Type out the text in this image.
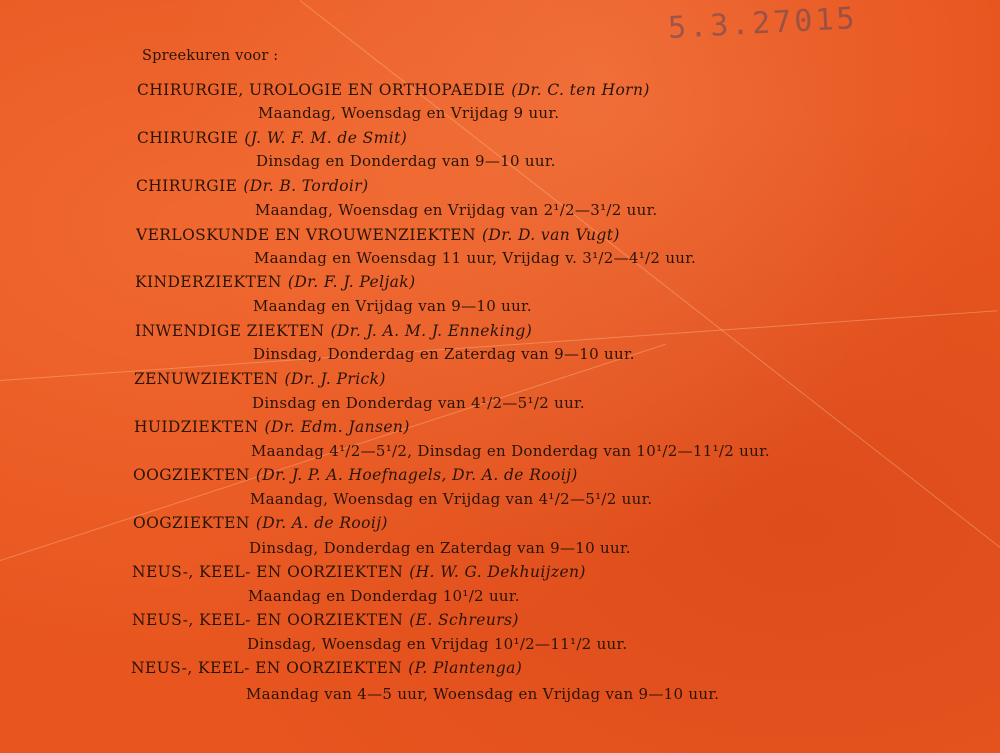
5.3.27015
Spreekuren voor :
CHIRURGIE, UROLOGIE EN ORTHOPAEDIE (Dr. C. ten Horn)
Maandag, Woensdag en Vrijdag 9 uur.
CHIRURGIE (J. W. F. M. de Smit)
Dinsdag en Donderdag van 9—10 uur.
CHIRURGIE (Dr. B. Tordoir)
Maandag, Woensdag en Vrijdag van 2¹/2—3¹/2 uur.
VERLOSKUNDE EN VROUWENZIEKTEN (Dr. D. van Vugt)
Maandag en Woensdag 11 uur, Vrijdag v. 3¹/2—4¹/2 uur.
KINDERZIEKTEN (Dr. F. J. Peljak)
Maandag en Vrijdag van 9—10 uur.
INWENDIGE ZIEKTEN (Dr. J. A. M. J. Enneking)
Dinsdag, Donderdag en Zaterdag van 9—10 uur.
ZENUWZIEKTEN (Dr. J. Prick)
Dinsdag en Donderdag van 4¹/2—5¹/2 uur.
HUIDZIEKTEN (Dr. Edm. Jansen)
Maandag 4¹/2—5¹/2, Dinsdag en Donderdag van 10¹/2—11¹/2 uur.
OOGZIEKTEN (Dr. J. P. A. Hoefnagels, Dr. A. de Rooij)
Maandag, Woensdag en Vrijdag van 4¹/2—5¹/2 uur.
OOGZIEKTEN (Dr. A. de Rooij)
Dinsdag, Donderdag en Zaterdag van 9—10 uur.
NEUS-, KEEL- EN OORZIEKTEN (H. W. G. Dekhuijzen)
Maandag en Donderdag 10¹/2 uur.
NEUS-, KEEL- EN OORZIEKTEN (E. Schreurs)
Dinsdag, Woensdag en Vrijdag 10¹/2—11¹/2 uur.
NEUS-, KEEL- EN OORZIEKTEN (P. Plantenga)
Maandag van 4—5 uur, Woensdag en Vrijdag van 9—10 uur.
